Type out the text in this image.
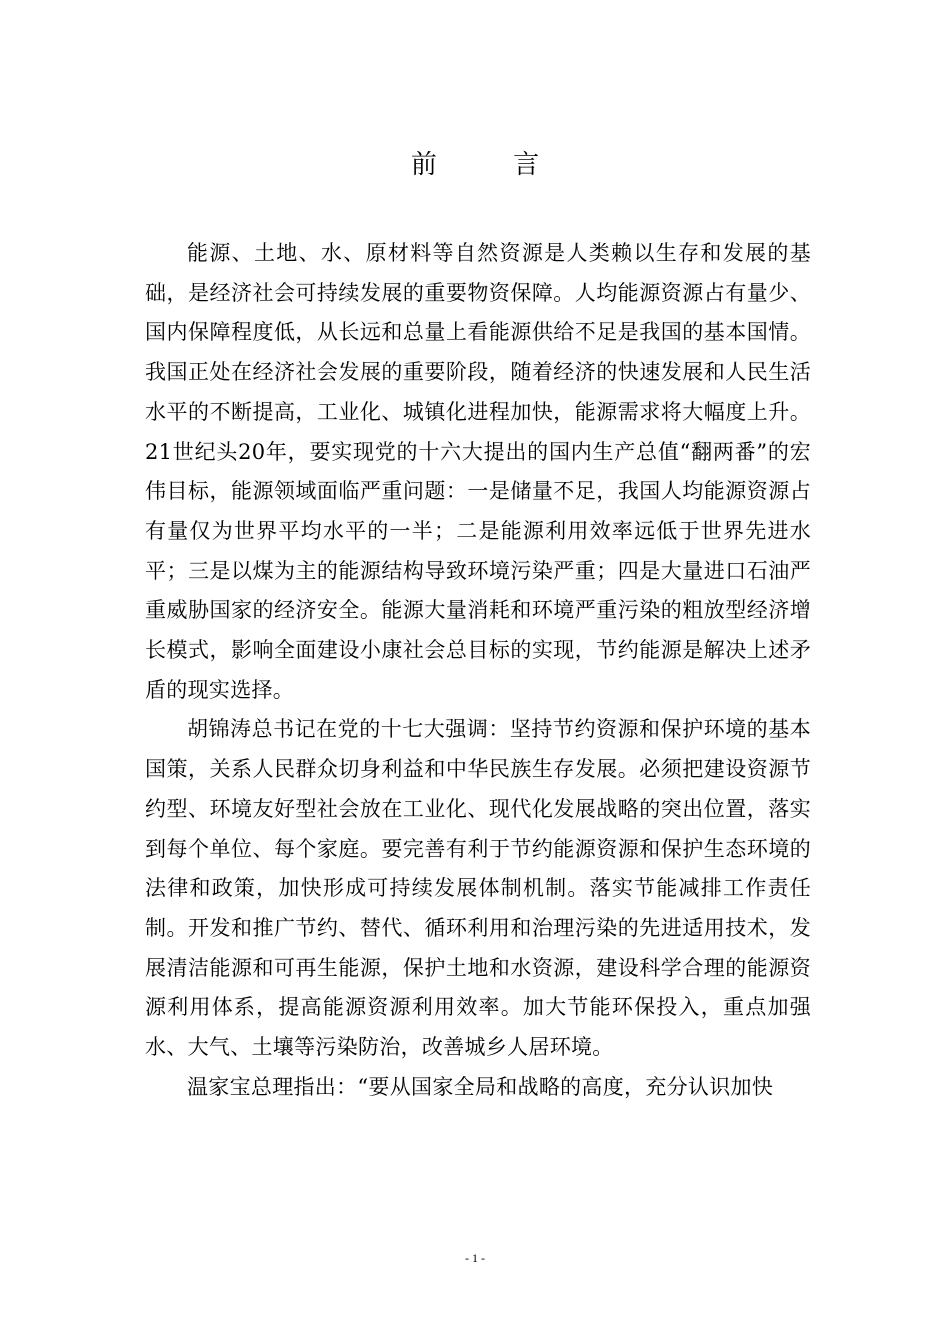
前 言

能源、土地、水、原材料等自然资源是人类赖以生存和发展的基础，是经济社会可持续发展的重要物资保障。人均能源资源占有量少、国内保障程度低，从长远和总量上看能源供给不足是我国的基本国情。我国正处在经济社会发展的重要阶段，随着经济的快速发展和人民生活水平的不断提高，工业化、城镇化进程加快，能源需求将大幅度上升。21世纪头20年，要实现党的十六大提出的国内生产总值“翻两番”的宏伟目标，能源领域面临严重问题：一是储量不足，我国人均能源资源占有量仅为世界平均水平的一半；二是能源利用效率远低于世界先进水平；三是以煤为主的能源结构导致环境污染严重；四是大量进口石油严重威胁国家的经济安全。能源大量消耗和环境严重污染的粗放型经济增长模式，影响全面建设小康社会总目标的实现，节约能源是解决上述矛盾的现实选择。

胡锦涛总书记在党的十七大强调：坚持节约资源和保护环境的基本国策，关系人民群众切身利益和中华民族生存发展。必须把建设资源节约型、环境友好型社会放在工业化、现代化发展战略的突出位置，落实到每个单位、每个家庭。要完善有利于节约能源资源和保护生态环境的法律和政策，加快形成可持续发展体制机制。落实节能减排工作责任制。开发和推广节约、替代、循环利用和治理污染的先进适用技术，发展清洁能源和可再生能源，保护土地和水资源，建设科学合理的能源资源利用体系，提高能源资源利用效率。加大节能环保投入，重点加强水、大气、土壤等污染防治，改善城乡人居环境。

温家宝总理指出：“要从国家全局和战略的高度，充分认识加快

- 1 -
